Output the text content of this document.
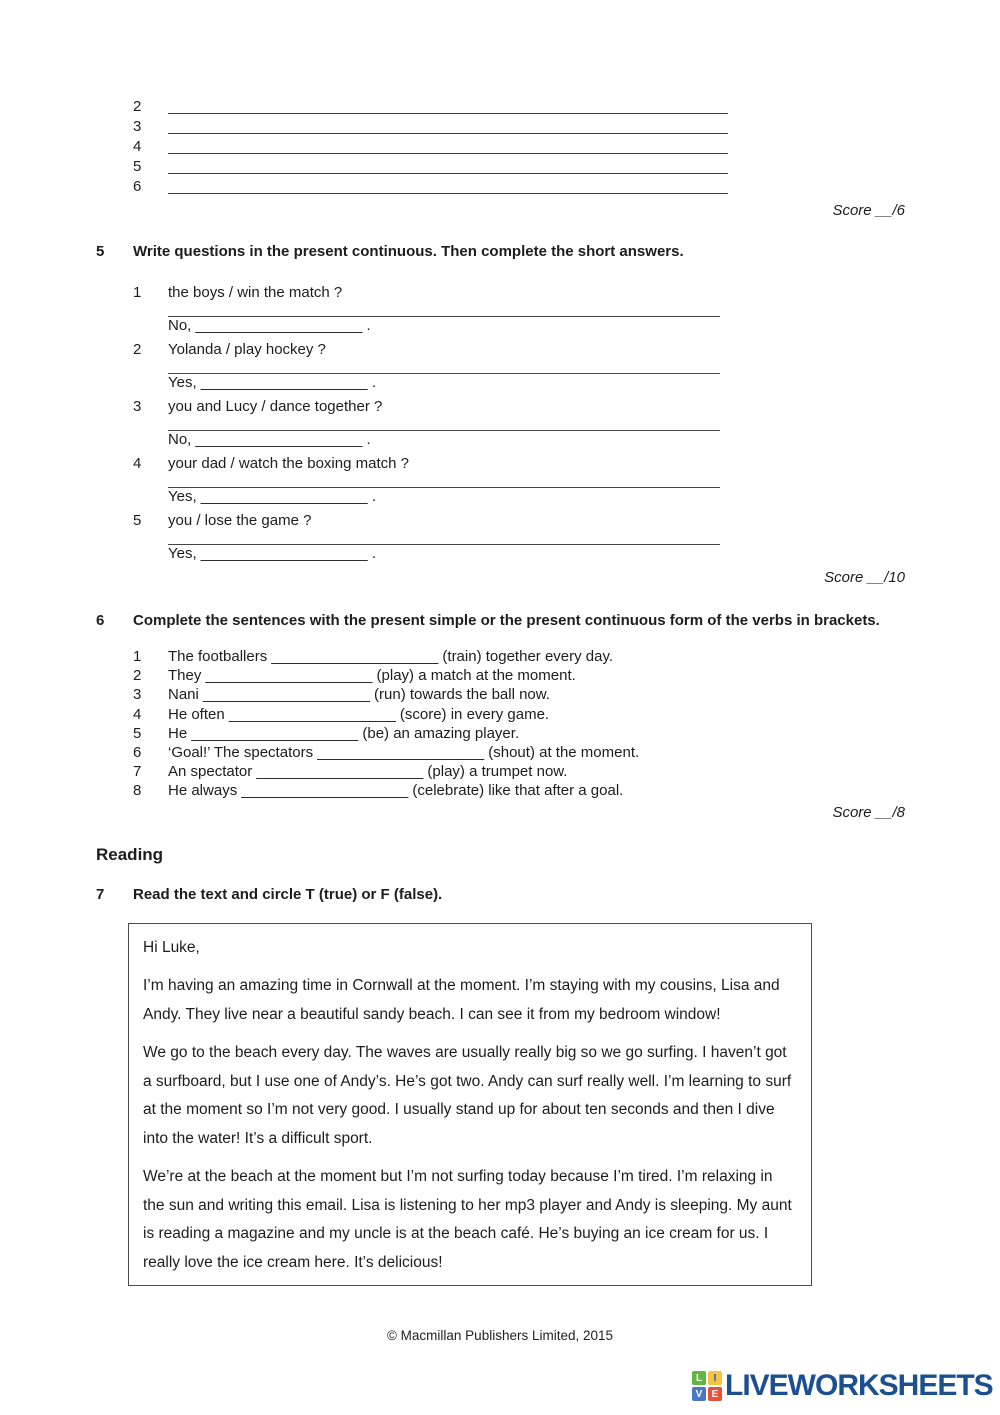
2
3
4
5
6
Score __/6
5	Write questions in the present continuous. Then complete the short answers.
1	the boys / win the match ?
No, ____________________ .
2	Yolanda / play hockey ?
Yes, ____________________ .
3	you and Lucy / dance together ?
No, ____________________ .
4	your dad / watch the boxing match ?
Yes, ____________________ .
5	you / lose the game ?
Yes, ____________________ .
Score __/10
6	Complete the sentences with the present simple or the present continuous form of the verbs in brackets.
1	The footballers ____________________ (train) together every day.
2	They ____________________ (play) a match at the moment.
3	Nani ____________________ (run) towards the ball now.
4	He often ____________________ (score) in every game.
5	He ____________________ (be) an amazing player.
6	‘Goal!’ The spectators ____________________ (shout) at the moment.
7	An spectator ____________________ (play) a trumpet now.
8	He always ____________________ (celebrate) like that after a goal.
Score __/8
Reading
7	Read the text and circle T (true) or F (false).

Hi Luke,

I’m having an amazing time in Cornwall at the moment. I’m staying with my cousins, Lisa and Andy. They live near a beautiful sandy beach. I can see it from my bedroom window!

We go to the beach every day. The waves are usually really big so we go surfing. I haven’t got a surfboard, but I use one of Andy’s. He’s got two. Andy can surf really well. I’m learning to surf at the moment so I’m not very good. I usually stand up for about ten seconds and then I dive into the water! It’s a difficult sport.

We’re at the beach at the moment but I’m not surfing today because I’m tired. I’m relaxing in the sun and writing this email. Lisa is listening to her mp3 player and Andy is sleeping. My aunt is reading a magazine and my uncle is at the beach café. He’s buying an ice cream for us. I really love the ice cream here. It’s delicious!

© Macmillan Publishers Limited, 2015
L	I
V E LIVEWORKSHEETS
